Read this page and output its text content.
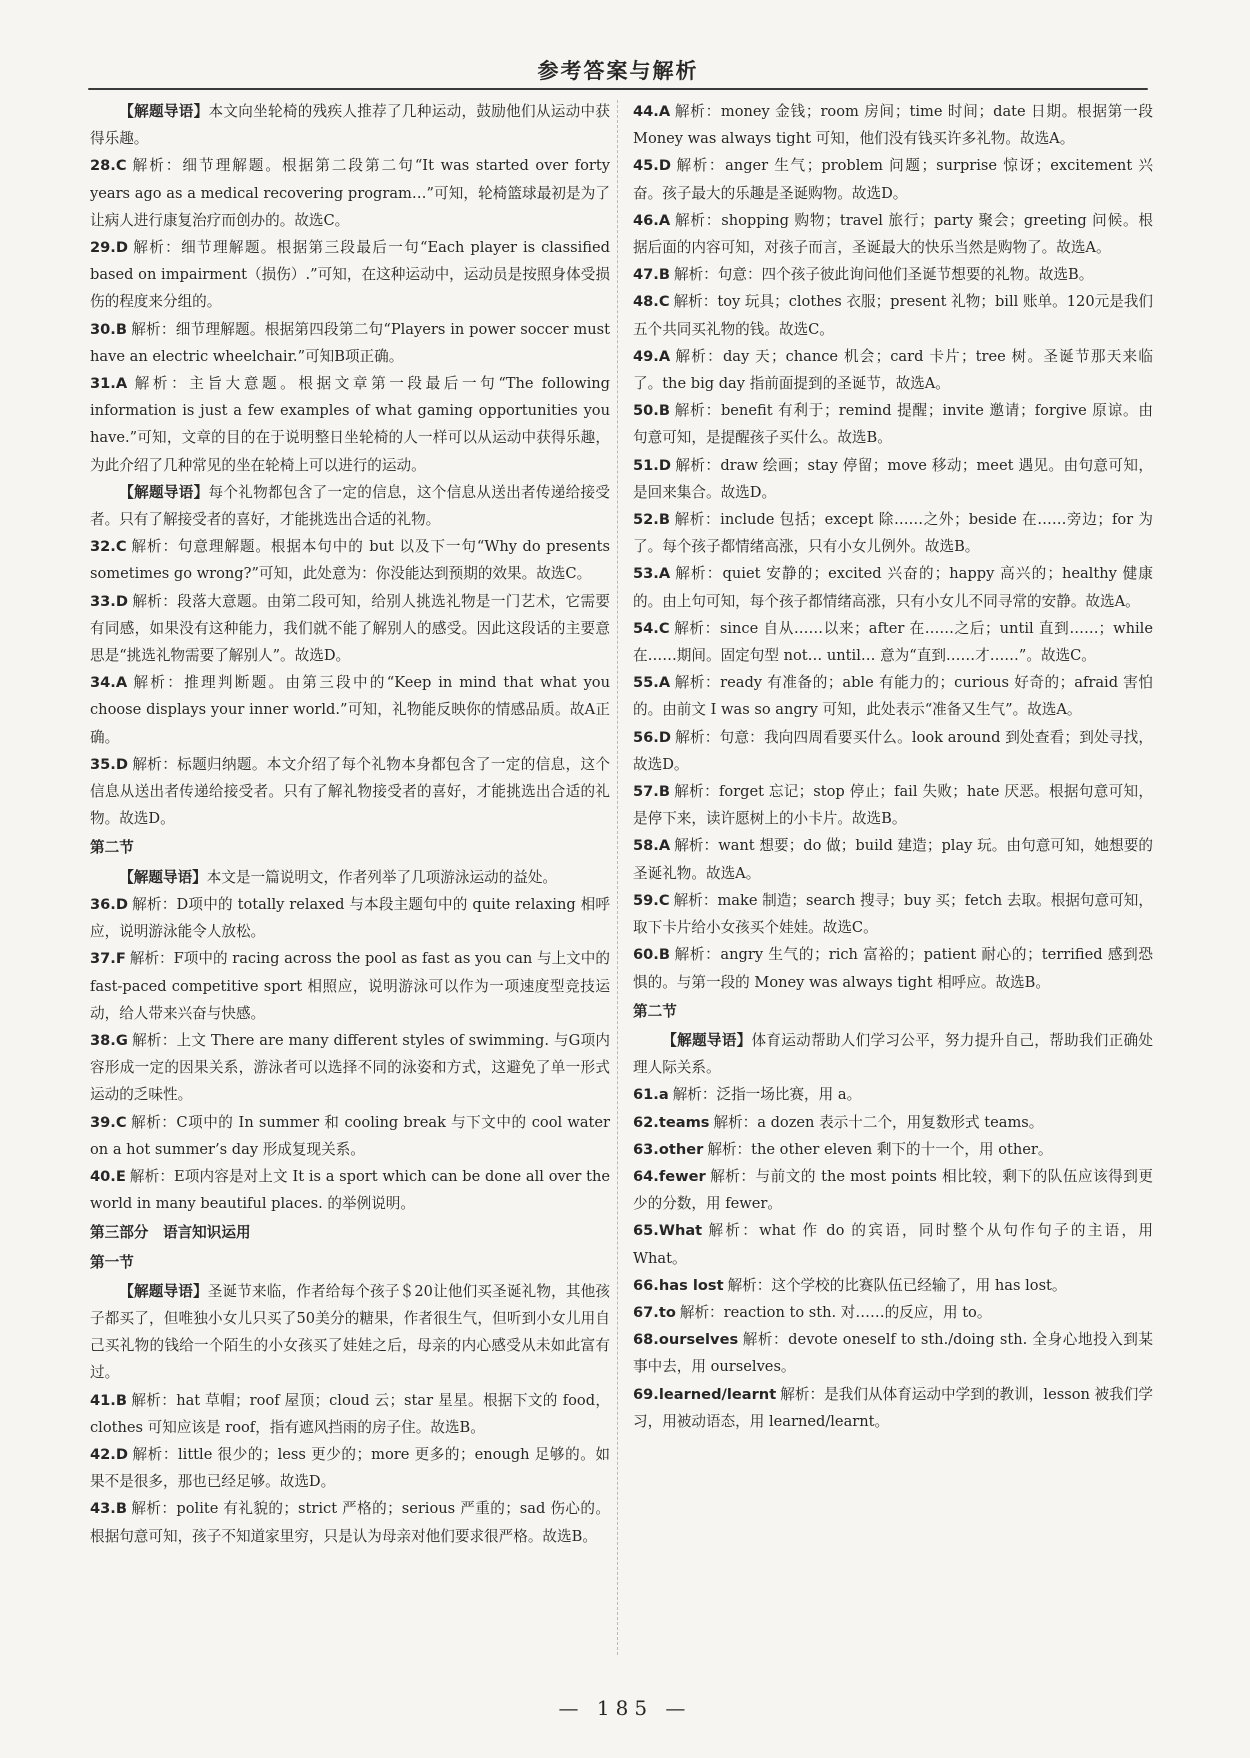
参考答案与解析

【解题导语】本文向坐轮椅的残疾人推荐了几种运动，鼓励他们从运动中获得乐趣。

28.C 解析：细节理解题。根据第二段第二句“It was started over forty years ago as a medical recovering program…”可知，轮椅篮球最初是为了让病人进行康复治疗而创办的。故选C。

29.D 解析：细节理解题。根据第三段最后一句“Each player is classified based on impairment（损伤）.”可知，在这种运动中，运动员是按照身体受损伤的程度来分组的。

30.B 解析：细节理解题。根据第四段第二句“Players in power soccer must have an electric wheelchair.”可知B项正确。

31.A 解析：主旨大意题。根据文章第一段最后一句“The following information is just a few examples of what gaming opportunities you have.”可知，文章的目的在于说明整日坐轮椅的人一样可以从运动中获得乐趣，为此介绍了几种常见的坐在轮椅上可以进行的运动。

【解题导语】每个礼物都包含了一定的信息，这个信息从送出者传递给接受者。只有了解接受者的喜好，才能挑选出合适的礼物。

32.C 解析：句意理解题。根据本句中的 but 以及下一句“Why do presents sometimes go wrong?”可知，此处意为：你没能达到预期的效果。故选C。

33.D 解析：段落大意题。由第二段可知，给别人挑选礼物是一门艺术，它需要有同感，如果没有这种能力，我们就不能了解别人的感受。因此这段话的主要意思是“挑选礼物需要了解别人”。故选D。

34.A 解析：推理判断题。由第三段中的“Keep in mind that what you choose displays your inner world.”可知，礼物能反映你的情感品质。故A正确。

35.D 解析：标题归纳题。本文介绍了每个礼物本身都包含了一定的信息，这个信息从送出者传递给接受者。只有了解礼物接受者的喜好，才能挑选出合适的礼物。故选D。

第二节

【解题导语】本文是一篇说明文，作者列举了几项游泳运动的益处。

36.D 解析：D项中的 totally relaxed 与本段主题句中的 quite relaxing 相呼应，说明游泳能令人放松。

37.F 解析：F项中的 racing across the pool as fast as you can 与上文中的 fast-paced competitive sport 相照应，说明游泳可以作为一项速度型竞技运动，给人带来兴奋与快感。

38.G 解析：上文 There are many different styles of swimming. 与G项内容形成一定的因果关系，游泳者可以选择不同的泳姿和方式，这避免了单一形式运动的乏味性。

39.C 解析：C项中的 In summer 和 cooling break 与下文中的 cool water on a hot summer’s day 形成复现关系。

40.E 解析：E项内容是对上文 It is a sport which can be done all over the world in many beautiful places. 的举例说明。

第三部分　语言知识运用

第一节

【解题导语】圣诞节来临，作者给每个孩子＄20让他们买圣诞礼物，其他孩子都买了，但唯独小女儿只买了50美分的糖果，作者很生气，但听到小女儿用自己买礼物的钱给一个陌生的小女孩买了娃娃之后，母亲的内心感受从未如此富有过。

41.B 解析：hat 草帽；roof 屋顶；cloud 云；star 星星。根据下文的 food，clothes 可知应该是 roof，指有遮风挡雨的房子住。故选B。

42.D 解析：little 很少的；less 更少的；more 更多的；enough 足够的。如果不是很多，那也已经足够。故选D。

43.B 解析：polite 有礼貌的；strict 严格的；serious 严重的；sad 伤心的。根据句意可知，孩子不知道家里穷，只是认为母亲对他们要求很严格。故选B。

44.A 解析：money 金钱；room 房间；time 时间；date 日期。根据第一段 Money was always tight 可知，他们没有钱买许多礼物。故选A。

45.D 解析：anger 生气；problem 问题；surprise 惊讶；excitement 兴奋。孩子最大的乐趣是圣诞购物。故选D。

46.A 解析：shopping 购物；travel 旅行；party 聚会；greeting 问候。根据后面的内容可知，对孩子而言，圣诞最大的快乐当然是购物了。故选A。

47.B 解析：句意：四个孩子彼此询问他们圣诞节想要的礼物。故选B。

48.C 解析：toy 玩具；clothes 衣服；present 礼物；bill 账单。120元是我们五个共同买礼物的钱。故选C。

49.A 解析：day 天；chance 机会；card 卡片；tree 树。圣诞节那天来临了。the big day 指前面提到的圣诞节，故选A。

50.B 解析：benefit 有利于；remind 提醒；invite 邀请；forgive 原谅。由句意可知，是提醒孩子买什么。故选B。

51.D 解析：draw 绘画；stay 停留；move 移动；meet 遇见。由句意可知，是回来集合。故选D。

52.B 解析：include 包括；except 除……之外；beside 在……旁边；for 为了。每个孩子都情绪高涨，只有小女儿例外。故选B。

53.A 解析：quiet 安静的；excited 兴奋的；happy 高兴的；healthy 健康的。由上句可知，每个孩子都情绪高涨，只有小女儿不同寻常的安静。故选A。

54.C 解析：since 自从……以来；after 在……之后；until 直到……；while 在……期间。固定句型 not… until… 意为“直到……才……”。故选C。

55.A 解析：ready 有准备的；able 有能力的；curious 好奇的；afraid 害怕的。由前文 I was so angry 可知，此处表示“准备又生气”。故选A。

56.D 解析：句意：我向四周看要买什么。look around 到处查看；到处寻找，故选D。

57.B 解析：forget 忘记；stop 停止；fail 失败；hate 厌恶。根据句意可知，是停下来，读许愿树上的小卡片。故选B。

58.A 解析：want 想要；do 做；build 建造；play 玩。由句意可知，她想要的圣诞礼物。故选A。

59.C 解析：make 制造；search 搜寻；buy 买；fetch 去取。根据句意可知，取下卡片给小女孩买个娃娃。故选C。

60.B 解析：angry 生气的；rich 富裕的；patient 耐心的；terrified 感到恐惧的。与第一段的 Money was always tight 相呼应。故选B。

第二节

【解题导语】体育运动帮助人们学习公平，努力提升自己，帮助我们正确处理人际关系。

61.a 解析：泛指一场比赛，用 a。

62.teams 解析：a dozen 表示十二个，用复数形式 teams。

63.other 解析：the other eleven 剩下的十一个，用 other。

64.fewer 解析：与前文的 the most points 相比较，剩下的队伍应该得到更少的分数，用 fewer。

65.What 解析：what 作 do 的宾语，同时整个从句作句子的主语，用 What。

66.has lost 解析：这个学校的比赛队伍已经输了，用 has lost。

67.to 解析：reaction to sth. 对……的反应，用 to。

68.ourselves 解析：devote oneself to sth./doing sth. 全身心地投入到某事中去，用 ourselves。

69.learned/learnt 解析：是我们从体育运动中学到的教训，lesson 被我们学习，用被动语态，用 learned/learnt。

— 185 —
